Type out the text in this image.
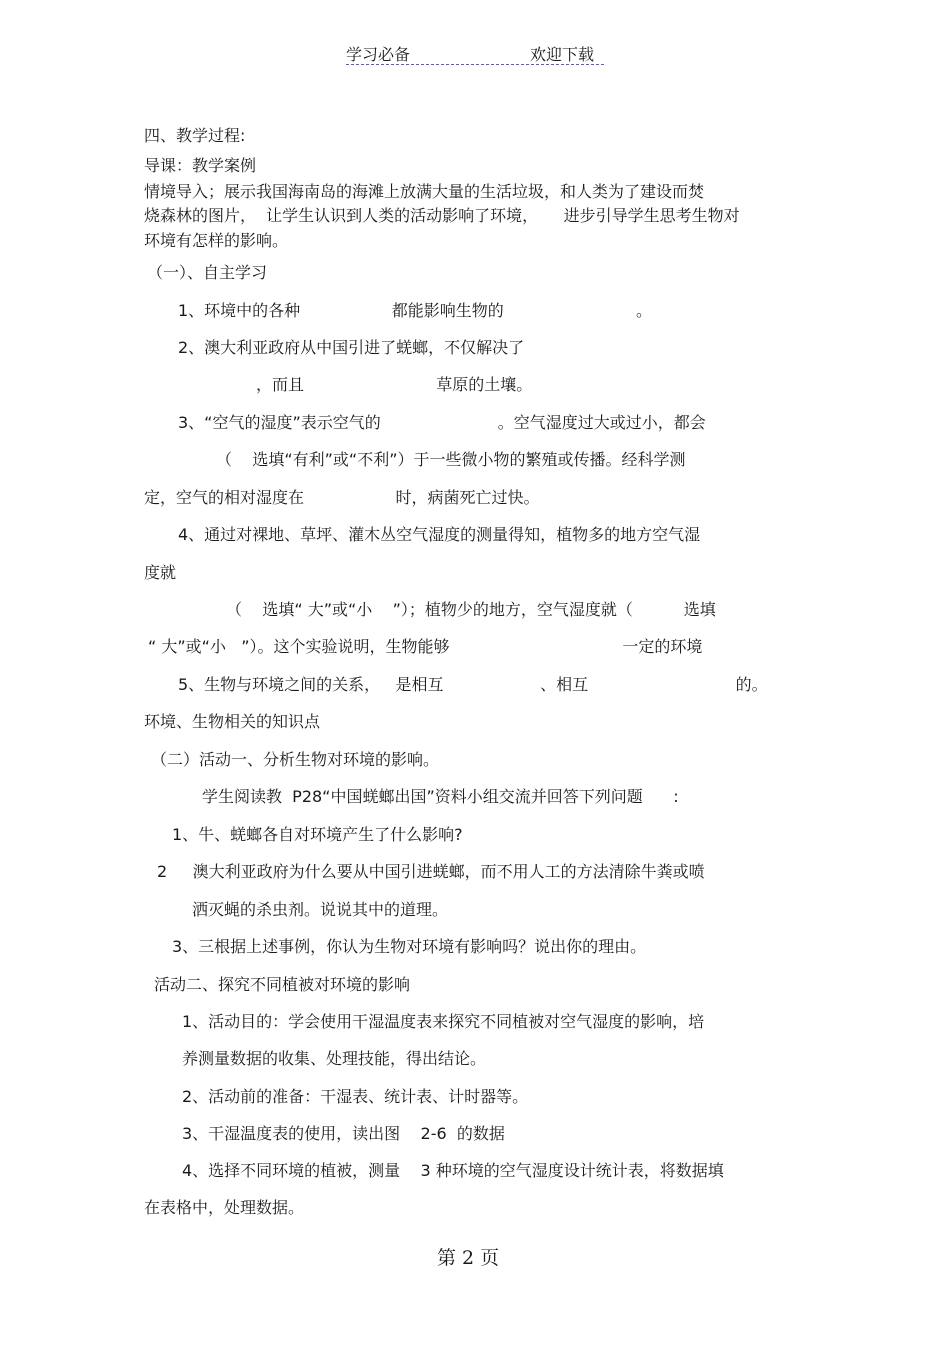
学习必备	欢迎下载
四、教学过程:
导课：教学案例
情境导入；展示我国海南岛的海滩上放满大量的生活垃圾，和人类为了建设而焚
烧森林的图片，  让学生认识到人类的活动影响了环境，     进步引导学生思考生物对
环境有怎样的影响。
（一）、自主学习
1、环境中的各种                  都能影响生物的                          。
2、澳大利亚政府从中国引进了蜣螂，不仅解决了
，而且                          草原的土壤。
3、“空气的湿度”表示空气的                       。空气湿度过大或过小，都会
（    选填“有利”或“不利”）于一些微小物的繁殖或传播。经科学测
定，空气的相对湿度在                  时，病菌死亡过快。
4、通过对裸地、草坪、灌木丛空气湿度的测量得知，植物多的地方空气湿
度就
（    选填“ 大”或“小    ”）；植物少的地方，空气湿度就（          选填
“ 大”或“小   ”）。这个实验说明，生物能够                                  一定的环境
5、生物与环境之间的关系，   是相互                   、相互                             的。
环境、生物相关的知识点
（二）活动一、分析生物对环境的影响。
学生阅读教  P28“中国蜣螂出国”资料小组交流并回答下列问题      :
1、牛、蜣螂各自对环境产生了什么影响?
2     澳大利亚政府为什么要从中国引进蜣螂，而不用人工的方法清除牛粪或喷
洒灭蝇的杀虫剂。说说其中的道理。
3、三根据上述事例，你认为生物对环境有影响吗？说出你的理由。
活动二、探究不同植被对环境的影响
1、活动目的：学会使用干湿温度表来探究不同植被对空气湿度的影响，培
养测量数据的收集、处理技能，得出结论。
2、活动前的准备：干湿表、统计表、计时器等。
3、干湿温度表的使用，读出图    2-6  的数据
4、选择不同环境的植被，测量    3 种环境的空气湿度设计统计表，将数据填
在表格中，处理数据。
第 2 页
